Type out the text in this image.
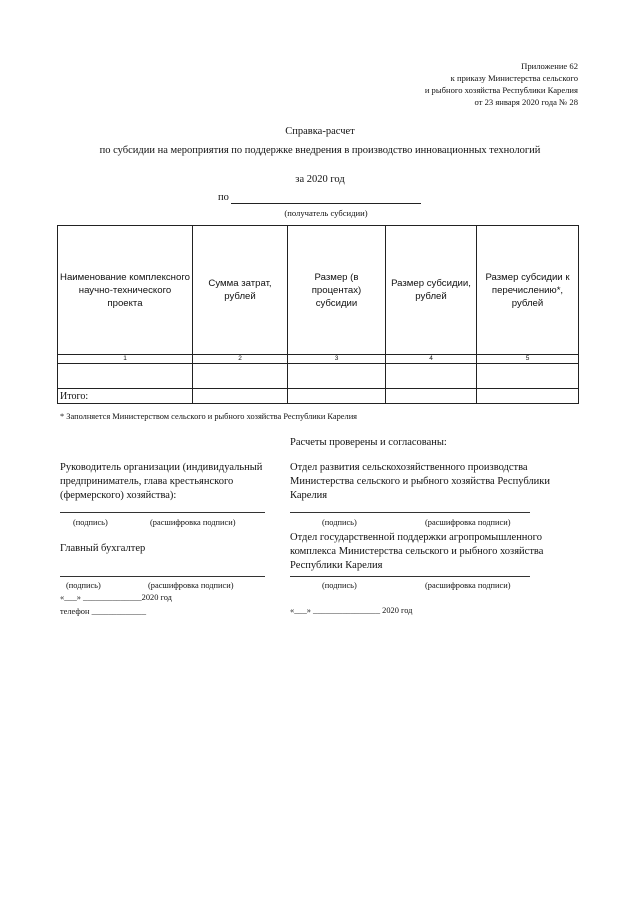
Приложение 62
к приказу Министерства сельского
и рыбного хозяйства Республики Карелия
от 23 января 2020 года № 28
Справка-расчет
по субсидии на мероприятия по поддержке внедрения в производство инновационных технологий
за 2020 год
по
(получатель субсидии)
Наименование комплексного научно-технического проекта	Сумма затрат, рублей	Размер (в процентах) субсидии	Размер субсидии, рублей	Размер субсидии к перечислению*, рублей
1	2	3	4	5

Итого:				
* Заполняется Министерством сельского и рыбного хозяйства Республики Карелия
Расчеты проверены и согласованы:
Руководитель организации (индивидуальный предприниматель, глава крестьянского (фермерского) хозяйства):
(подпись)	(расшифровка подписи)
Главный бухгалтер
(подпись)	(расшифровка подписи)
«___» ______________2020 год
телефон _____________
Отдел развития сельскохозяйственного производства Министерства сельского и рыбного хозяйства Республики Карелия
(подпись)	(расшифровка подписи)
Отдел государственной поддержки агропромышленного комплекса Министерства сельского и рыбного хозяйства Республики Карелия
(подпись)	(расшифровка подписи)
«___» ________________ 2020 год
